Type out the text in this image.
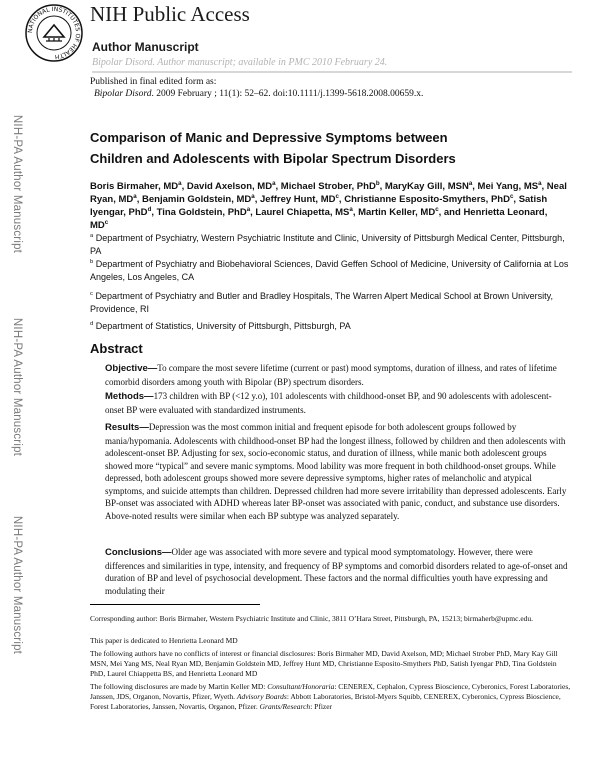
NATIONAL INSTITUTES OF HEALTH
NIH Public Access
Author Manuscript
Bipolar Disord. Author manuscript; available in PMC 2010 February 24.
NIH-PA Author Manuscript
NIH-PA Author Manuscript
NIH-PA Author Manuscript
Published in final edited form as:
Bipolar Disord. 2009 February ; 11(1): 52–62. doi:10.1111/j.1399-5618.2008.00659.x.
Comparison of Manic and Depressive Symptoms between
Children and Adolescents with Bipolar Spectrum Disorders
Boris Birmaher, $MD^a$, David Axelson, $MD^a$, Michael Strober, PhD$^b$, MaryKay Gill, MSN$^a$, Mei Yang, $MS^a$, Neal Ryan, $MD^a$, Benjamin Goldstein, $MD^a$, Jeffrey Hunt, $MD^c$, Christianne Esposito-Smythers, PhD$^c$, Satish Iyengar, PhD$^d$, Tina Goldstein, PhD$^a$, Laurel Chiapetta, $MS^a$, Martin Keller, $MD^c$, and Henrietta Leonard, $MD^c$
$^a$ Department of Psychiatry, Western Psychiatric Institute and Clinic, University of Pittsburgh Medical Center, Pittsburgh, PA
$^b$ Department of Psychiatry and Biobehavioral Sciences, David Geffen School of Medicine, University of California at Los Angeles, Los Angeles, CA
$^c$ Department of Psychiatry and Butler and Bradley Hospitals, The Warren Alpert Medical School at Brown University, Providence, RI
$^d$ Department of Statistics, University of Pittsburgh, Pittsburgh, PA
Abstract
Objective—To compare the most severe lifetime (current or past) mood symptoms, duration of illness, and rates of lifetime comorbid disorders among youth with Bipolar (BP) spectrum disorders.
Methods—173 children with BP (<12 y.o), 101 adolescents with childhood-onset BP, and 90 adolescents with adolescent-onset BP were evaluated with standardized instruments.
Results—Depression was the most common initial and frequent episode for both adolescent groups followed by mania/hypomania. Adolescents with childhood-onset BP had the longest illness, followed by children and then adolescents with adolescent-onset BP. Adjusting for sex, socio-economic status, and duration of illness, while manic both adolescent groups showed more “typical” and severe manic symptoms. Mood lability was more frequent in both childhood-onset groups. While depressed, both adolescent groups showed more severe depressive symptoms, higher rates of melancholic and atypical symptoms, and suicide attempts than children. Depressed children had more severe irritability than depressed adolescents. Early BP-onset was associated with ADHD whereas later BP-onset was associated with panic, conduct, and substance use disorders. Above-noted results were similar when each BP subtype was analyzed separately.
Conclusions—Older age was associated with more severe and typical mood symptomatology. However, there were differences and similarities in type, intensity, and frequency of BP symptoms and comorbid disorders related to age-of-onset and duration of BP and level of psychosocial development. These factors and the normal difficulties youth have expressing and modulating their
Corresponding author: Boris Birmaher, Western Psychiatric Institute and Clinic, 3811 O’Hara Street, Pittsburgh, PA, 15213; birmaherb@upmc.edu.
This paper is dedicated to Henrietta Leonard MD
The following authors have no conflicts of interest or financial disclosures: Boris Birmaher MD, David Axelson, MD; Michael Strober PhD, Mary Kay Gill MSN, Mei Yang MS, Neal Ryan MD, Benjamin Goldstein MD, Jeffrey Hunt MD, Christianne Esposito-Smythers PhD, Satish Iyengar PhD, Tina Goldstein PhD, Laurel Chiappetta BS, and Henrietta Leonard MD
The following disclosures are made by Martin Keller MD: Consultant/Honoraria: CENEREX, Cephalon, Cypress Bioscience, Cyberonics, Forest Laboratories, Janssen, JDS, Organon, Novartis, Pfizer, Wyeth. Advisory Boards: Abbott Laboratories, Bristol-Myers Squibb, CENEREX, Cyberonics, Cypress Bioscience, Forest Laboratories, Janssen, Novartis, Organon, Pfizer. Grants/Research: Pfizer
